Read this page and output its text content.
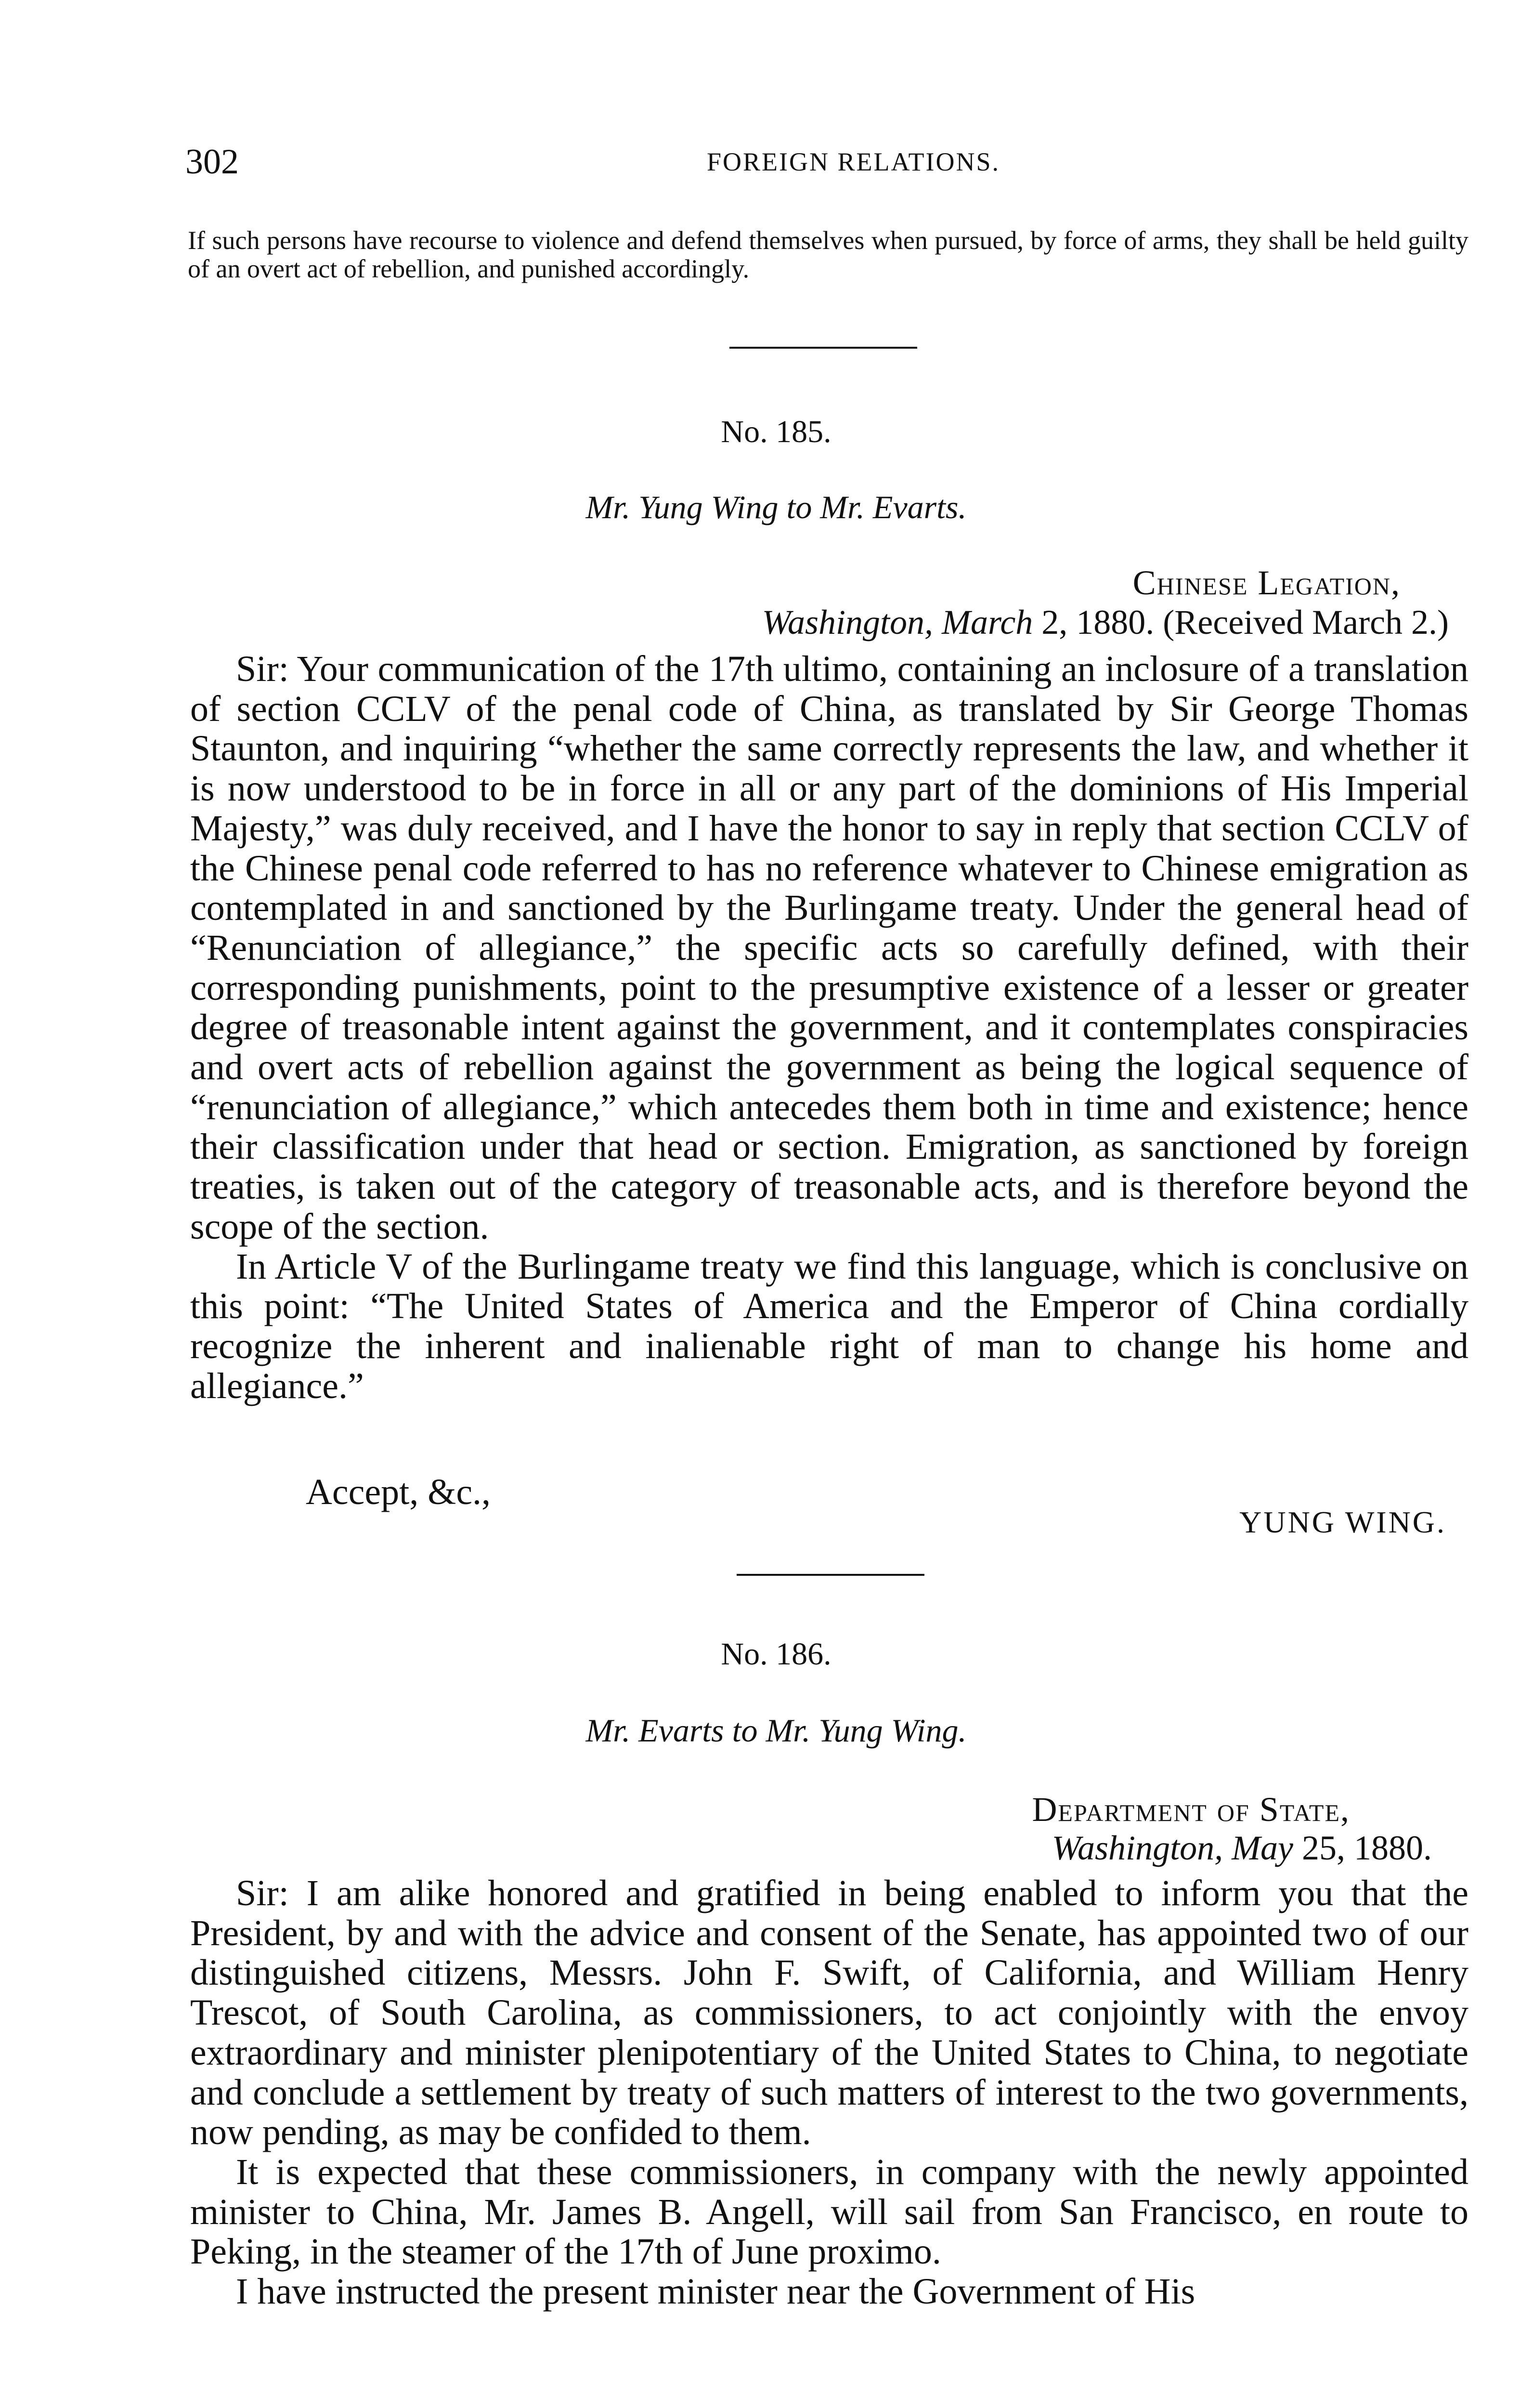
302	FOREIGN RELATIONS.
If such persons have recourse to violence and defend themselves when pursued, by force of arms, they shall be held guilty of an overt act of rebellion, and punished accordingly.
No. 185.
Mr. Yung Wing to Mr. Evarts.
Chinese Legation,
Washington, March 2, 1880. (Received March 2.)

Sir: Your communication of the 17th ultimo, containing an inclosure of a translation of section CCLV of the penal code of China, as translated by Sir George Thomas Staunton, and inquiring “whether the same correctly represents the law, and whether it is now understood to be in force in all or any part of the dominions of His Imperial Majesty,” was duly received, and I have the honor to say in reply that section CCLV of the Chinese penal code referred to has no reference whatever to Chinese emigration as contemplated in and sanctioned by the Burlingame treaty. Under the general head of “Renunciation of allegiance,” the specific acts so carefully defined, with their corresponding punishments, point to the presumptive existence of a lesser or greater degree of treasonable intent against the government, and it contemplates conspiracies and overt acts of rebellion against the government as being the logical sequence of “renunciation of allegiance,” which antecedes them both in time and existence; hence their classification under that head or section. Emigration, as sanctioned by foreign treaties, is taken out of the category of treasonable acts, and is therefore beyond the scope of the section.

In Article V of the Burlingame treaty we find this language, which is conclusive on this point: “The United States of America and the Emperor of China cordially recognize the inherent and inalienable right of man to change his home and allegiance.”

Accept, &c.,
YUNG WING.
No. 186.
Mr. Evarts to Mr. Yung Wing.
Department of State,
Washington, May 25, 1880.

Sir: I am alike honored and gratified in being enabled to inform you that the President, by and with the advice and consent of the Senate, has appointed two of our distinguished citizens, Messrs. John F. Swift, of California, and William Henry Trescot, of South Carolina, as commissioners, to act conjointly with the envoy extraordinary and minister plenipotentiary of the United States to China, to negotiate and conclude a settlement by treaty of such matters of interest to the two governments, now pending, as may be confided to them.

It is expected that these commissioners, in company with the newly appointed minister to China, Mr. James B. Angell, will sail from San Francisco, en route to Peking, in the steamer of the 17th of June proximo.

I have instructed the present minister near the Government of His
